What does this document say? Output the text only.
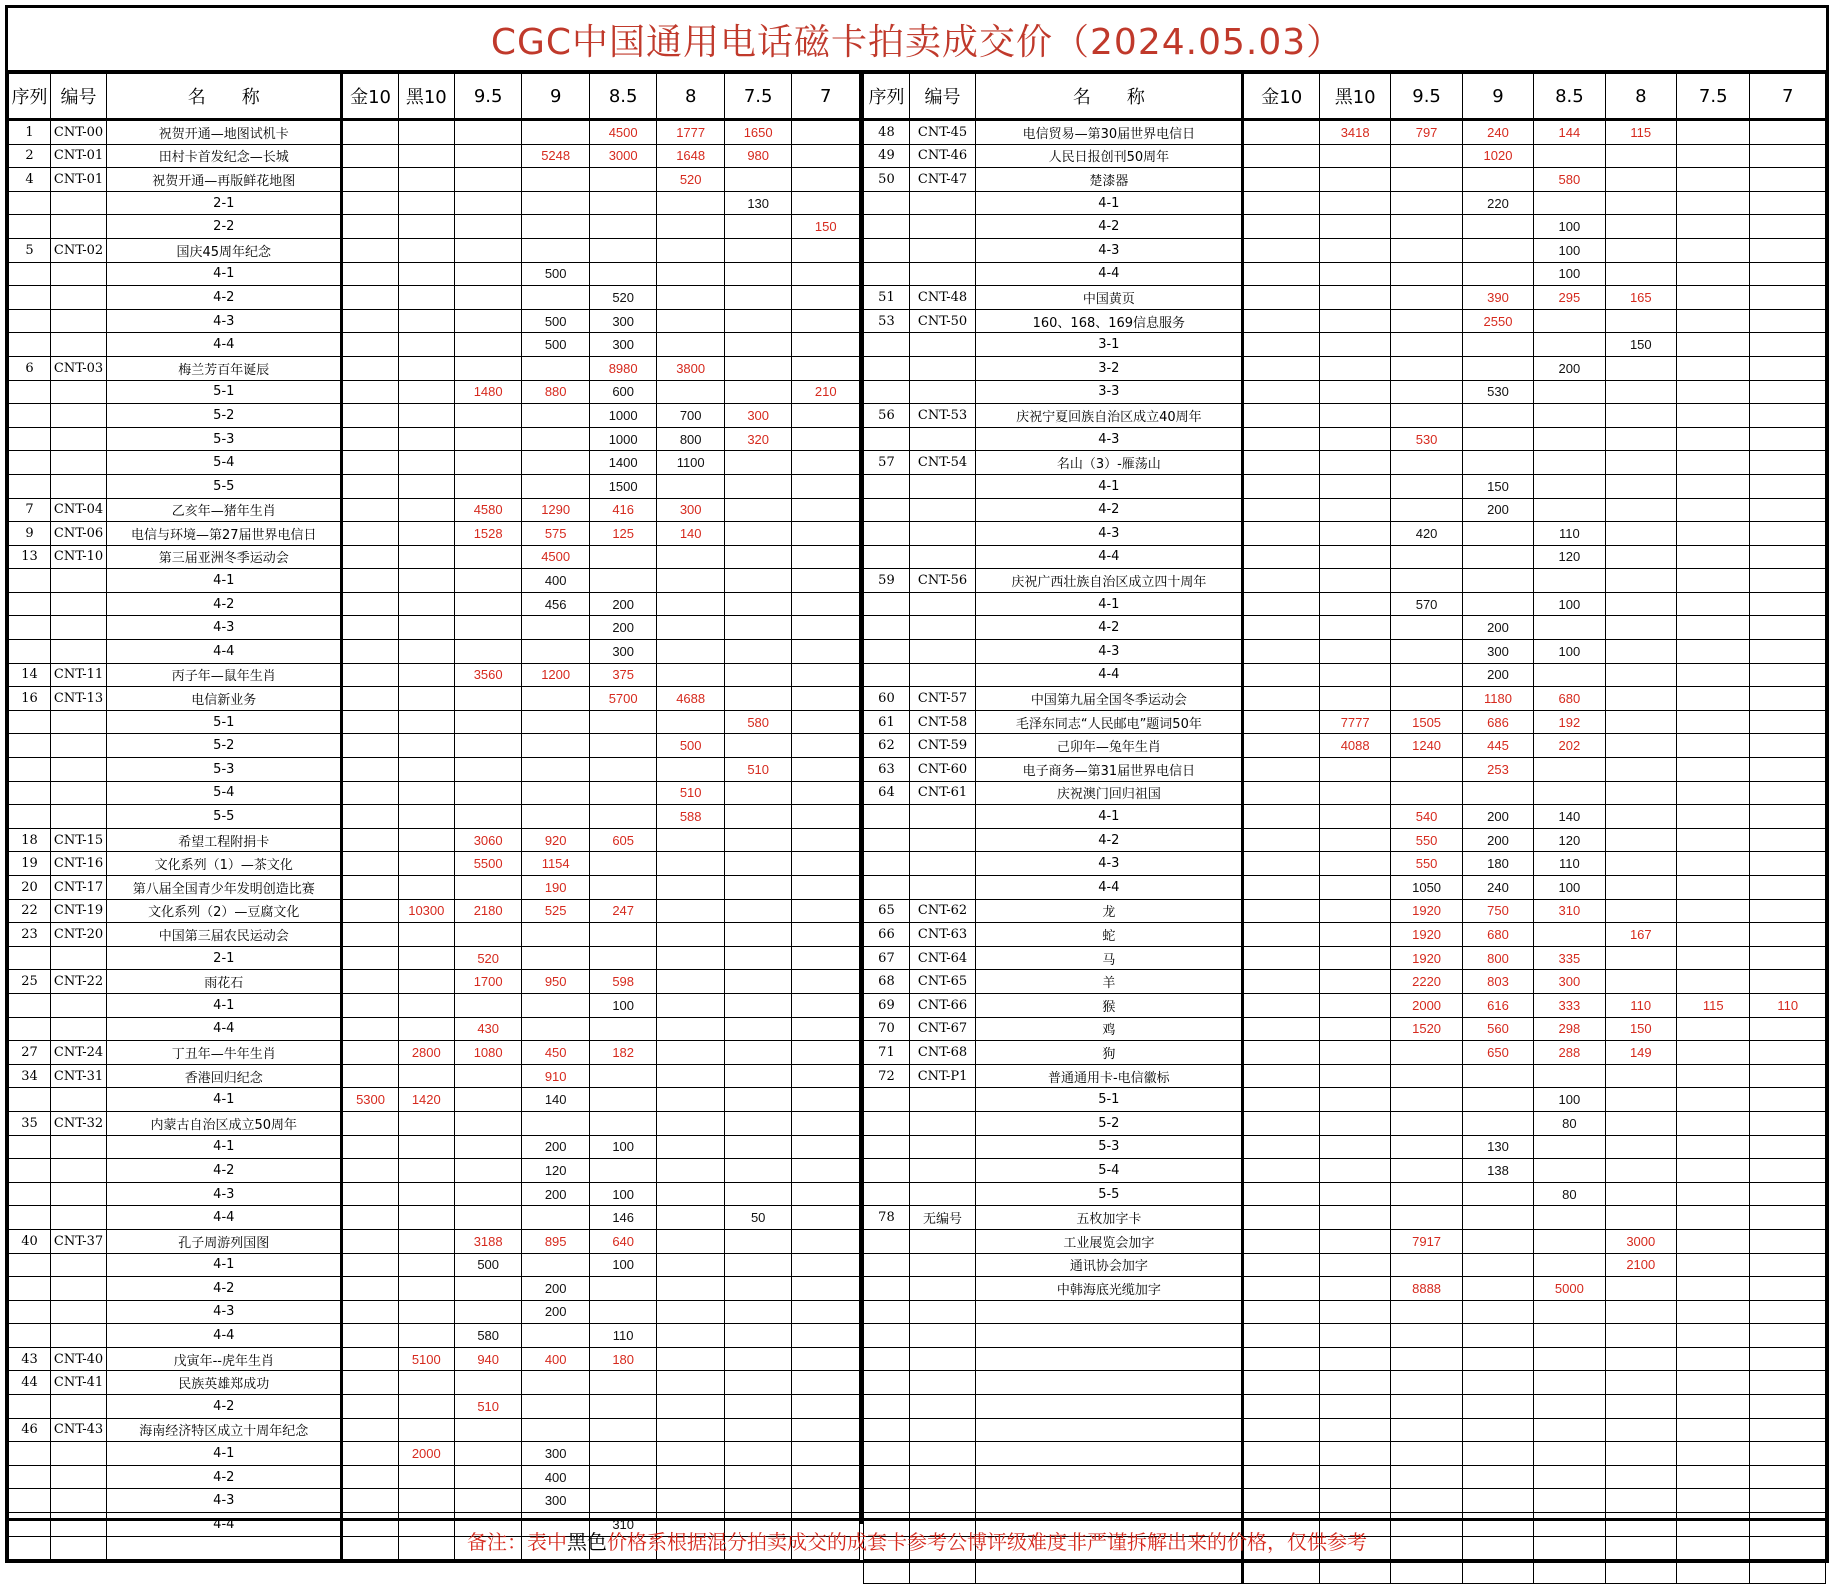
CGC中国通用电话磁卡拍卖成交价（2024.05.03）
序列	编号	名　　称	金10	黑10	9.5	9	8.5	8	7.5	7
1	CNT-00	祝贺开通—地图试机卡					4500	1777	1650	
2	CNT-01	田村卡首发纪念—长城				5248	3000	1648	980	
4	CNT-01	祝贺开通—再版鲜花地图						520		
		2-1							130	
		2-2								150
5	CNT-02	国庆45周年纪念								
		4-1				500				
		4-2					520			
		4-3				500	300			
		4-4				500	300			
6	CNT-03	梅兰芳百年诞辰					8980	3800		
		5-1			1480	880	600			210
		5-2					1000	700	300	
		5-3					1000	800	320	
		5-4					1400	1100		
		5-5					1500			
7	CNT-04	乙亥年—猪年生肖			4580	1290	416	300		
9	CNT-06	电信与环境—第27届世界电信日			1528	575	125	140		
13	CNT-10	第三届亚洲冬季运动会				4500				
		4-1				400				
		4-2				456	200			
		4-3					200			
		4-4					300			
14	CNT-11	丙子年—鼠年生肖			3560	1200	375			
16	CNT-13	电信新业务					5700	4688		
		5-1							580	
		5-2						500		
		5-3							510	
		5-4						510		
		5-5						588		
18	CNT-15	希望工程附捐卡			3060	920	605			
19	CNT-16	文化系列（1）—茶文化			5500	1154				
20	CNT-17	第八届全国青少年发明创造比赛				190				
22	CNT-19	文化系列（2）—豆腐文化		10300	2180	525	247			
23	CNT-20	中国第三届农民运动会								
		2-1			520					
25	CNT-22	雨花石			1700	950	598			
		4-1					100			
		4-4			430					
27	CNT-24	丁丑年—牛年生肖		2800	1080	450	182			
34	CNT-31	香港回归纪念				910				
		4-1	5300	1420		140				
35	CNT-32	内蒙古自治区成立50周年								
		4-1				200	100			
		4-2				120				
		4-3				200	100			
		4-4					146		50	
40	CNT-37	孔子周游列国图			3188	895	640			
		4-1			500		100			
		4-2				200				
		4-3				200				
		4-4			580		110			
43	CNT-40	戊寅年--虎年生肖		5100	940	400	180			
44	CNT-41	民族英雄郑成功								
		4-2			510					
46	CNT-43	海南经济特区成立十周年纪念								
		4-1		2000		300				
		4-2				400				
		4-3				300				
		4-4					310			

序列	编号	名　　称	金10	黑10	9.5	9	8.5	8	7.5	7
48	CNT-45	电信贸易—第30届世界电信日		3418	797	240	144	115		
49	CNT-46	人民日报创刊50周年				1020				
50	CNT-47	楚漆器					580			
		4-1				220				
		4-2					100			
		4-3					100			
		4-4					100			
51	CNT-48	中国黄页				390	295	165		
53	CNT-50	160、168、169信息服务				2550				
		3-1						150		
		3-2					200			
		3-3				530				
56	CNT-53	庆祝宁夏回族自治区成立40周年								
		4-3			530					
57	CNT-54	名山（3）-雁荡山								
		4-1				150				
		4-2				200				
		4-3			420		110			
		4-4					120			
59	CNT-56	庆祝广西壮族自治区成立四十周年								
		4-1			570		100			
		4-2				200				
		4-3				300	100			
		4-4				200				
60	CNT-57	中国第九届全国冬季运动会				1180	680			
61	CNT-58	毛泽东同志“人民邮电”题词50年		7777	1505	686	192			
62	CNT-59	己卯年—兔年生肖		4088	1240	445	202			
63	CNT-60	电子商务—第31届世界电信日				253				
64	CNT-61	庆祝澳门回归祖国								
		4-1			540	200	140			
		4-2			550	200	120			
		4-3			550	180	110			
		4-4			1050	240	100			
65	CNT-62	龙			1920	750	310			
66	CNT-63	蛇			1920	680		167		
67	CNT-64	马			1920	800	335			
68	CNT-65	羊			2220	803	300			
69	CNT-66	猴			2000	616	333	110	115	110
70	CNT-67	鸡			1520	560	298	150		
71	CNT-68	狗				650	288	149		
72	CNT-P1	普通通用卡-电信徽标								
		5-1					100			
		5-2					80			
		5-3				130				
		5-4				138				
		5-5					80			
78	无编号	五枚加字卡								
		工业展览会加字			7917			3000		
		通讯协会加字						2100		
		中韩海底光缆加字			8888		5000			

备注：表中 黑色 价格系根据混分拍卖成交的成套卡参考公博评级难度非严谨拆解出来的价格，仅供参考
